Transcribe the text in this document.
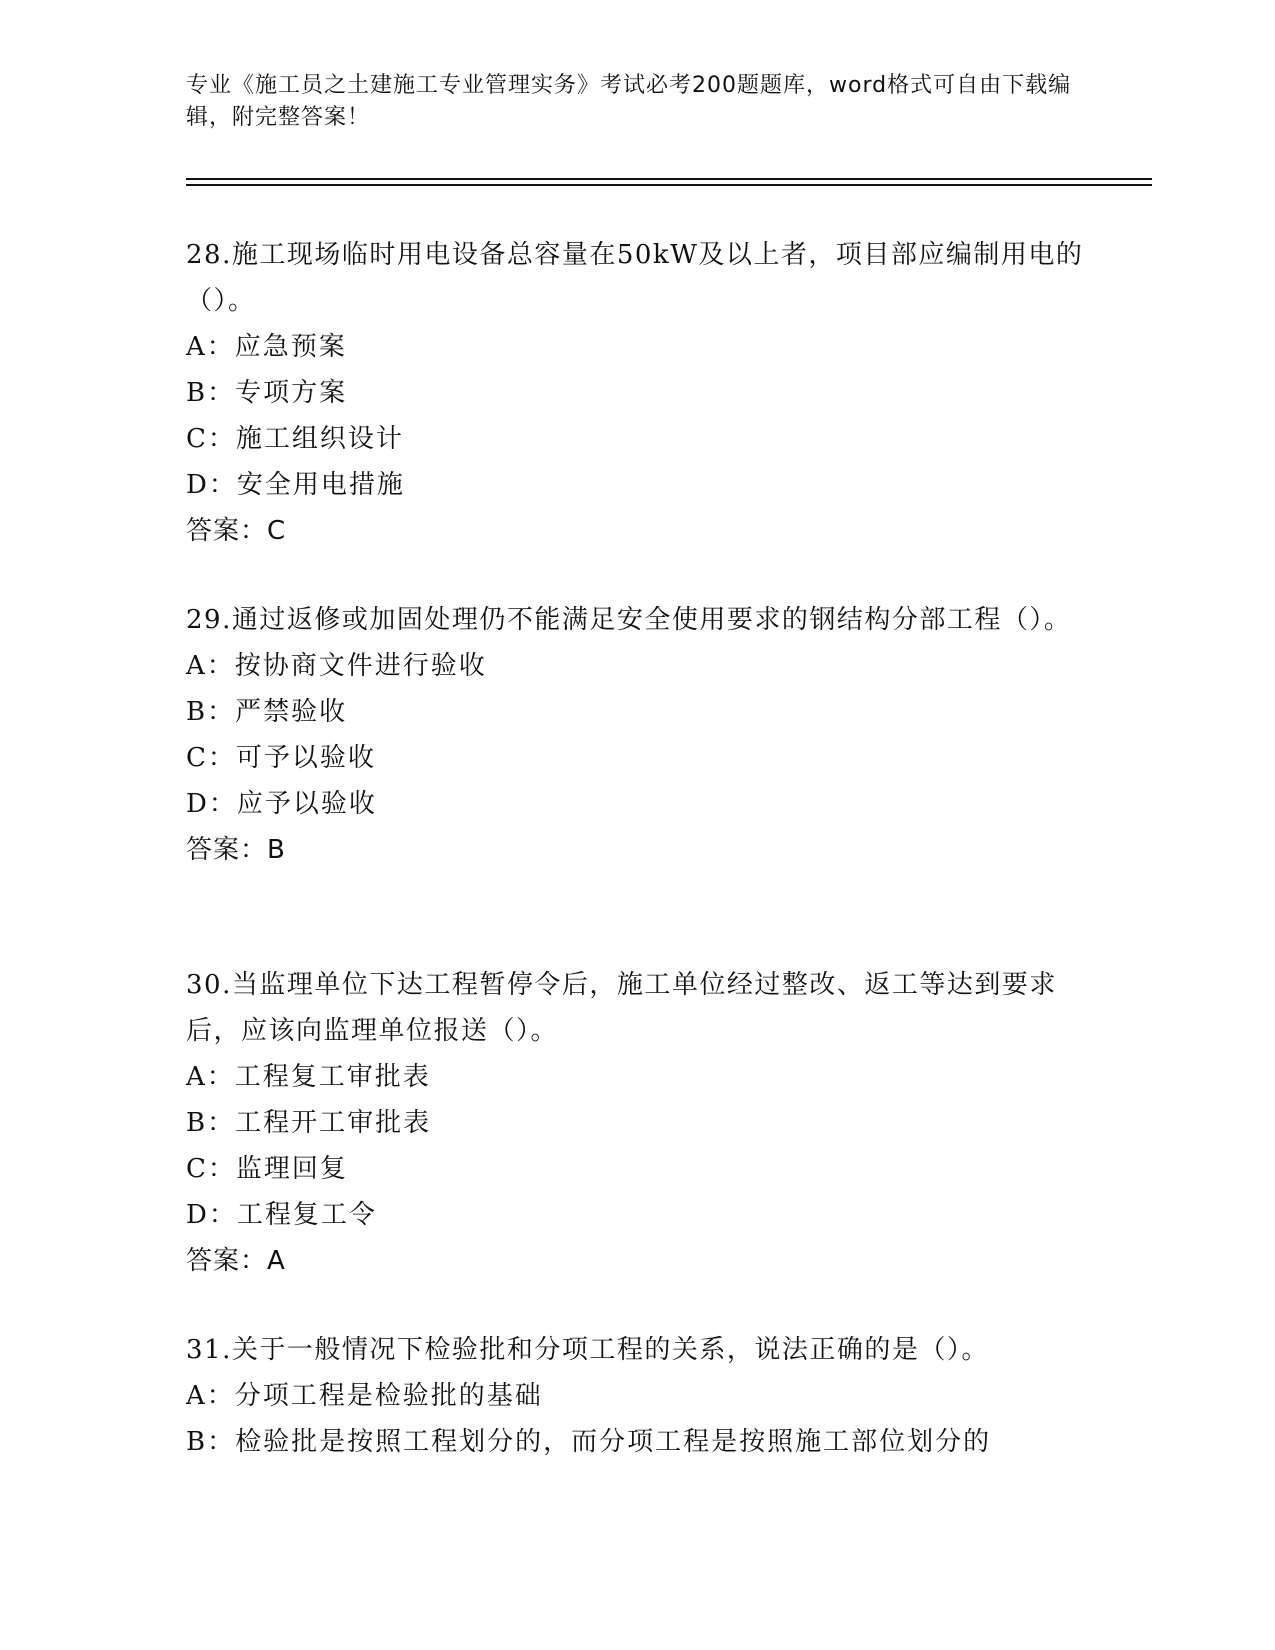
专业《施工员之土建施工专业管理实务》考试必考200题题库，word格式可自由下载编辑，附完整答案！
28.施工现场临时用电设备总容量在50kW及以上者，项目部应编制用电的（）。
A：应急预案
B：专项方案
C：施工组织设计
D：安全用电措施
答案：C
29.通过返修或加固处理仍不能满足安全使用要求的钢结构分部工程（）。
A：按协商文件进行验收
B：严禁验收
C：可予以验收
D：应予以验收
答案：B
30.当监理单位下达工程暂停令后，施工单位经过整改、返工等达到要求后，应该向监理单位报送（）。
A：工程复工审批表
B：工程开工审批表
C：监理回复
D：工程复工令
答案：A
31.关于一般情况下检验批和分项工程的关系，说法正确的是（）。
A：分项工程是检验批的基础
B：检验批是按照工程划分的，而分项工程是按照施工部位划分的
